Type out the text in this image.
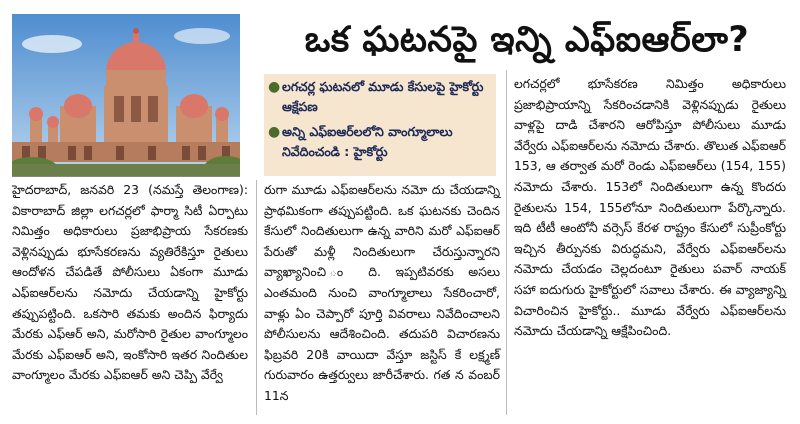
ఒక ఘటనపై ఇన్ని ఎఫ్‌ఐఆర్‌లా?
● లగచర్ల ఘటనలో మూడు కేసులపై హైకోర్టు ఆక్షేపణ
● అన్ని ఎఫ్‌ఐఆర్‌లలోని వాంగ్మూలాలు నివేదించండి : హైకోర్టు

హైదరాబాద్, జనవరి 23 (నమస్తే తెలంగాణ): వికారాబాద్ జిల్లా లగచర్లలో ఫార్మా సిటీ ఏర్పాటు నిమిత్తం అధికారులు ప్రజాభిప్రాయ సేకరణకు వెళ్లినప్పుడు భూసేకరణను వ్యతిరేకిస్తూ రైతులు ఆందోళన చేపడితే పోలీసులు ఏకంగా మూడు ఎఫ్‌ఐఆర్‌లను నమోదు చేయడాన్ని హైకోర్టు తప్పుపట్టింది. ఒకసారి తమకు అందిన ఫిర్యాదు మేరకు ఎఫ్‌ఆర్ అని, మరోసారి రైతుల వాంగ్మూలం మేరకు ఎఫ్‌ఐఆర్ అని, ఇంకోసారి ఇతర నిందితుల వాంగ్మూలం మేరకు ఎఫ్‌ఐఆర్ అని చెప్పి వేర్వే

రుగా మూడు ఎఫ్‌ఐఆర్‌లను నమో దు చేయడాన్ని ప్రాథమికంగా తప్పుపట్టింది. ఒక ఘటనకు చెందిన కేసులో నిందితులుగా ఉన్న వారిని మరో ఎఫ్‌ఐఆర్ పేరుతో మళ్లీ నిందితులుగా చేరుస్తున్నారని వ్యాఖ్యానించి ం ది. ఇప్పటివరకు అసలు ఎంతమంది నుంచి వాంగ్మూలాలు సేకరించారో, వాళ్లు ఏం చెప్పారో పూర్తి వివరాలు నివేదించాలని పోలీసులను ఆదేశించింది. తదుపరి విచారణను ఫిబ్రవరి 20కి వాయిదా వేస్తూ జస్టిస్ కే లక్ష్మణ్ గురువారం ఉత్తర్వులు జారీచేశారు. గత న వంబర్ 11న

లగచర్లలో భూసేకరణ నిమిత్తం అధికారులు ప్రజాభిప్రాయాన్ని సేకరించడానికి వెళ్లినప్పుడు రైతులు వాళ్లపై దాడి చేశారని ఆరోపిస్తూ పోలీసులు మూడు వేర్వేరు ఎఫ్‌ఐఆర్‌లను నమోదు చేశారు. తొలుత ఎఫ్‌ఐఆర్ 153, ఆ తర్వాత మరో రెండు ఎఫ్‌ఐఆర్‌లు (154, 155) నమోదు చేశారు. 153లో నిందితులుగా ఉన్న కొందరు రైతులను 154, 155లోనూ నిందితులుగా పేర్కొన్నారు. ఇది టీటీ ఆంటోనీ వర్సెస్ కేరళ రాష్ట్రం కేసులో సుప్రీంకోర్టు ఇచ్చిన తీర్పునకు విరుద్ధమని, వేర్వేరు ఎఫ్‌ఐఆర్‌లను నమోదు చేయడం చెల్లదంటూ రైతులు పవార్ నాయక్ సహా ఐదుగురు హైకోర్టులో సవాలు చేశారు. ఈ వ్యాజ్యాన్ని విచారించిన హైకోర్టు.. మూడు వేర్వేరు ఎఫ్‌ఐఆర్‌లను నమోదు చేయడాన్ని ఆక్షేపించింది.
